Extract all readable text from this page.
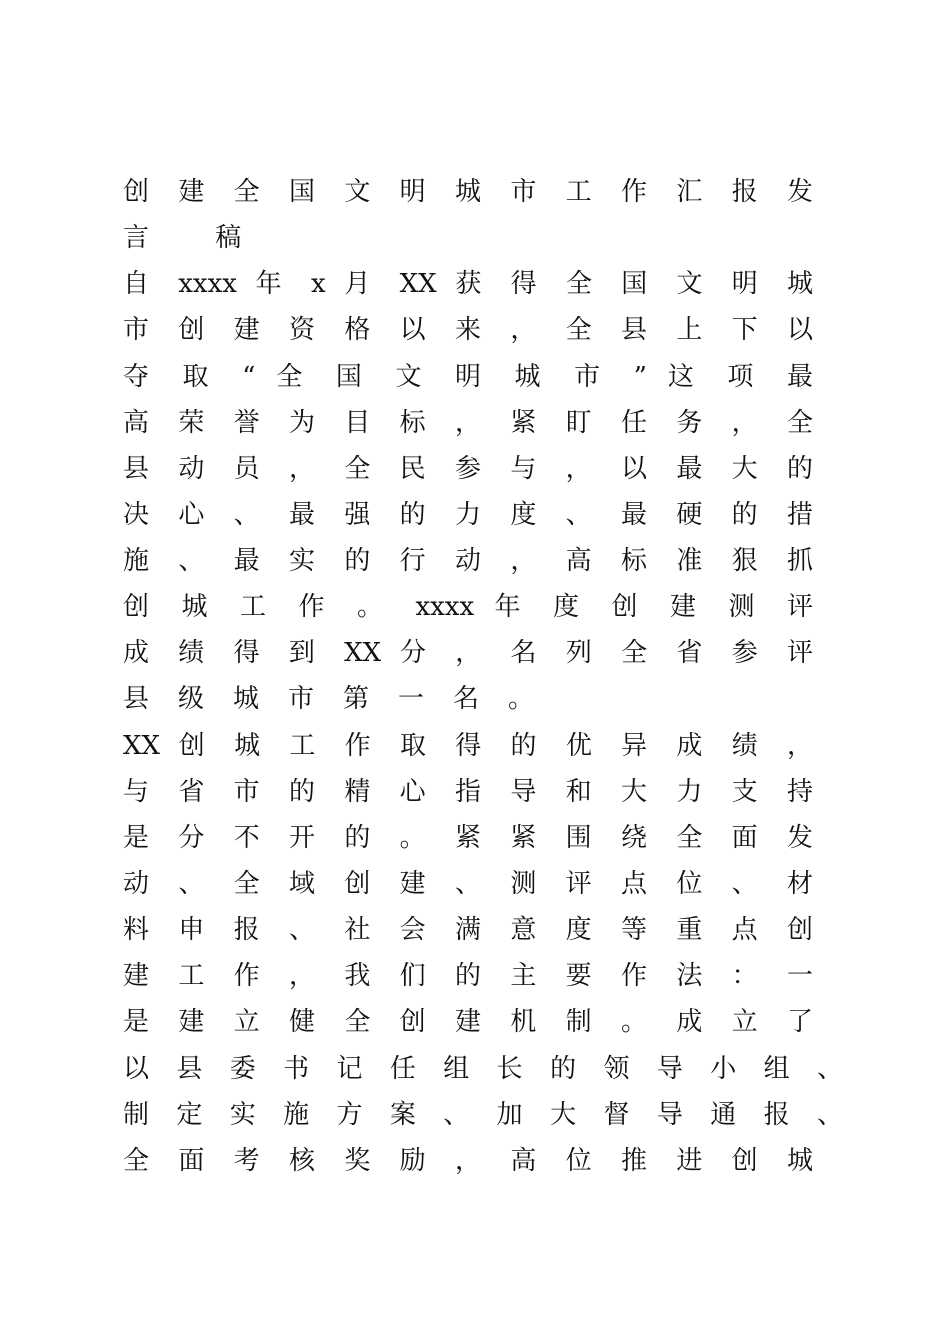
创 建 全 国 文 明 城 市 工 作 汇 报 发
言 稿
自 xxxx 年 x 月 XX 获 得 全 国 文 明 城
市 创 建 资 格 以 来 ， 全 县 上 下 以
夺 取 “ 全 国 文 明 城 市 ” 这 项 最
高 荣 誉 为 目 标 ， 紧 盯 任 务 ， 全
县 动 员 ， 全 民 参 与 ， 以 最 大 的
决 心 、 最 强 的 力 度 、 最 硬 的 措
施 、 最 实 的 行 动 ， 高 标 准 狠 抓
创 城 工 作 。 xxxx 年 度 创 建 测 评
成 绩 得 到 XX 分 ， 名 列 全 省 参 评
县级城市第一名。
XX 创 城 工 作 取 得 的 优 异 成 绩 ，
与 省 市 的 精 心 指 导 和 大 力 支 持
是 分 不 开 的 。 紧 紧 围 绕 全 面 发
动 、 全 域 创 建 、 测 评 点 位 、 材
料 申 报 、 社 会 满 意 度 等 重 点 创
建 工 作 ， 我 们 的 主 要 作 法 ： 一
是 建 立 健 全 创 建 机 制 。 成 立 了
以 县 委 书 记 任 组 长 的 领 导 小 组 、
制 定 实 施 方 案 、 加 大 督 导 通 报 、
全 面 考 核 奖 励 ， 高 位 推 进 创 城
